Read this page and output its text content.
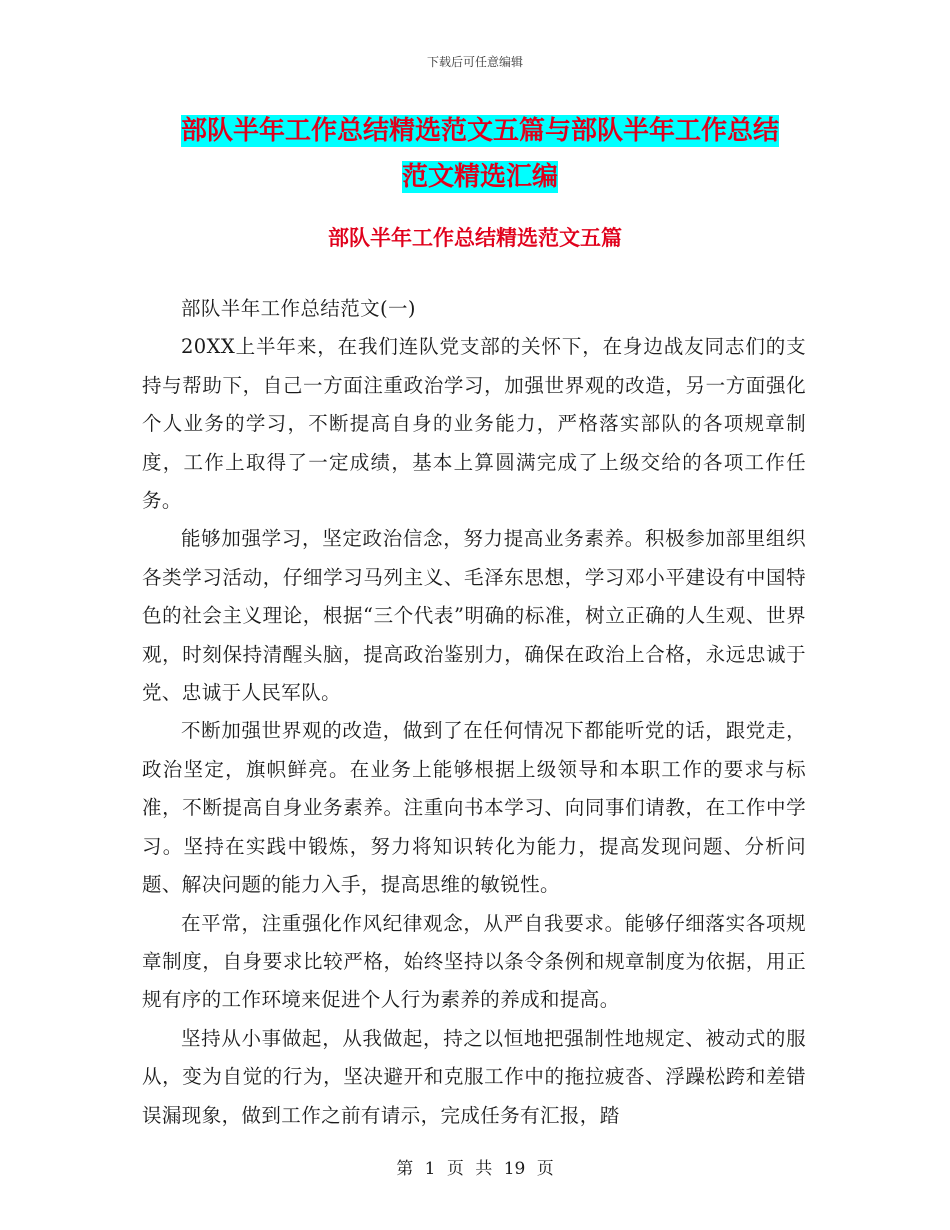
下载后可任意编辑
部队半年工作总结精选范文五篇与部队半年工作总结
范文精选汇编
部队半年工作总结精选范文五篇

部队半年工作总结范文(一)

20XX上半年来，在我们连队党支部的关怀下，在身边战友同志们的支持与帮助下，自己一方面注重政治学习，加强世界观的改造，另一方面强化个人业务的学习，不断提高自身的业务能力，严格落实部队的各项规章制度，工作上取得了一定成绩，基本上算圆满完成了上级交给的各项工作任务。

能够加强学习，坚定政治信念，努力提高业务素养。积极参加部里组织各类学习活动，仔细学习马列主义、毛泽东思想，学习邓小平建设有中国特色的社会主义理论，根据“三个代表”明确的标准，树立正确的人生观、世界观，时刻保持清醒头脑，提高政治鉴别力，确保在政治上合格，永远忠诚于党、忠诚于人民军队。

不断加强世界观的改造，做到了在任何情况下都能听党的话，跟党走，政治坚定，旗帜鲜亮。在业务上能够根据上级领导和本职工作的要求与标准，不断提高自身业务素养。注重向书本学习、向同事们请教，在工作中学习。坚持在实践中锻炼，努力将知识转化为能力，提高发现问题、分析问题、解决问题的能力入手，提高思维的敏锐性。

在平常，注重强化作风纪律观念，从严自我要求。能够仔细落实各项规章制度，自身要求比较严格，始终坚持以条令条例和规章制度为依据，用正规有序的工作环境来促进个人行为素养的养成和提高。

坚持从小事做起，从我做起，持之以恒地把强制性地规定、被动式的服从，变为自觉的行为，坚决避开和克服工作中的拖拉疲沓、浮躁松跨和差错误漏现象，做到工作之前有请示，完成任务有汇报，踏

第 1 页 共 19 页
